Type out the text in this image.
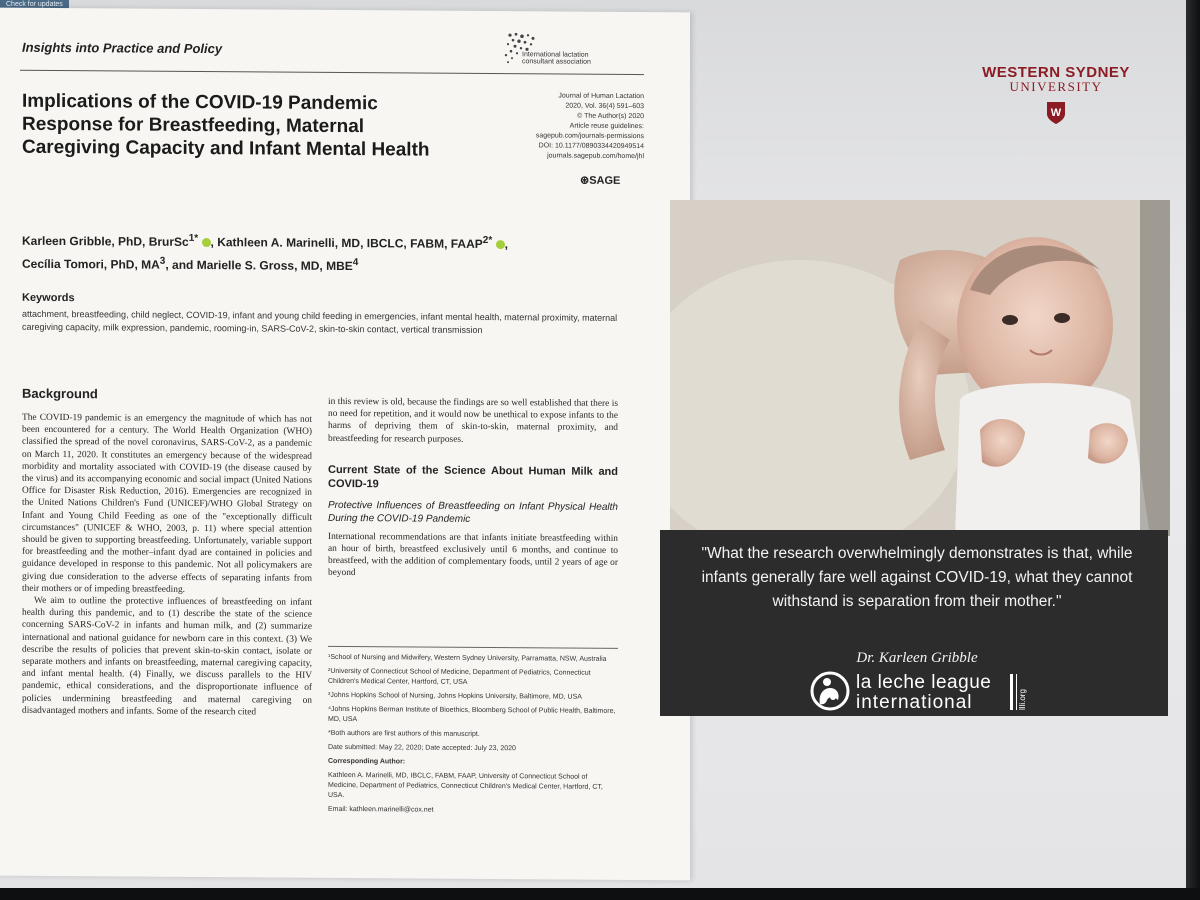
Check for updates
Insights into Practice and Policy	International lactation consultant association
Implications of the COVID-19 Pandemic Response for Breastfeeding, Maternal Caregiving Capacity and Infant Mental Health
Journal of Human Lactation
2020, Vol. 36(4) 591–603
© The Author(s) 2020
Article reuse guidelines:
sagepub.com/journals-permissions
DOI: 10.1177/0890334420949514
journals.sagepub.com/home/jhl
⊛SAGE
Karleen Gribble, PhD, BrurSc$^{1*}$ , Kathleen A. Marinelli, MD, IBCLC, FABM, $FAAP^{2*}$ ,
Cecília Tomori, PhD, $MA^3$, and Marielle S. Gross, MD, MBE$^4$
Keywords
attachment, breastfeeding, child neglect, COVID-19, infant and young child feeding in emergencies, infant mental health, maternal proximity, maternal caregiving capacity, milk expression, pandemic, rooming-in, SARS-CoV-2, skin-to-skin contact, vertical transmission
Background

The COVID-19 pandemic is an emergency the magnitude of which has not been encountered for a century. The World Health Organization (WHO) classified the spread of the novel coronavirus, SARS-CoV-2, as a pandemic on March 11, 2020. It constitutes an emergency because of the widespread morbidity and mortality associated with COVID-19 (the disease caused by the virus) and its accompanying economic and social impact (United Nations Office for Disaster Risk Reduction, 2016). Emergencies are recognized in the United Nations Children's Fund (UNICEF)/WHO Global Strategy on Infant and Young Child Feeding as one of the "exceptionally difficult circumstances" (UNICEF & WHO, 2003, p. 11) where special attention should be given to supporting breastfeeding. Unfortunately, variable support for breastfeeding and the mother–infant dyad are contained in policies and guidance developed in response to this pandemic. Not all policymakers are giving due consideration to the adverse effects of separating infants from their mothers or of impeding breastfeeding.

We aim to outline the protective influences of breastfeeding on infant health during this pandemic, and to (1) describe the state of the science concerning SARS-CoV-2 in infants and human milk, and (2) summarize international and national guidance for newborn care in this context. (3) We describe the results of policies that prevent skin-to-skin contact, isolate or separate mothers and infants on breastfeeding, maternal caregiving capacity, and infant mental health. (4) Finally, we discuss parallels to the HIV pandemic, ethical considerations, and the disproportionate influence of policies undermining breastfeeding and maternal caregiving on disadvantaged mothers and infants. Some of the research cited

in this review is old, because the findings are so well established that there is no need for repetition, and it would now be unethical to expose infants to the harms of depriving them of skin-to-skin, maternal proximity, and breastfeeding for research purposes.

Current State of the Science About Human Milk and COVID-19
Protective Influences of Breastfeeding on Infant Physical Health During the COVID-19 Pandemic

International recommendations are that infants initiate breastfeeding within an hour of birth, breastfeed exclusively until 6 months, and continue to breastfeed, with the addition of complementary foods, until 2 years of age or beyond

¹School of Nursing and Midwifery, Western Sydney University, Parramatta, NSW, Australia
²University of Connecticut School of Medicine, Department of Pediatrics, Connecticut Children's Medical Center, Hartford, CT, USA
³Johns Hopkins School of Nursing, Johns Hopkins University, Baltimore, MD, USA
⁴Johns Hopkins Berman Institute of Bioethics, Bloomberg School of Public Health, Baltimore, MD, USA
*Both authors are first authors of this manuscript.
Date submitted: May 22, 2020; Date accepted: July 23, 2020
Corresponding Author:
Kathleen A. Marinelli, MD, IBCLC, FABM, FAAP, University of Connecticut School of Medicine, Department of Pediatrics, Connecticut Children's Medical Center, Hartford, CT, USA.
Email: kathleen.marinelli@cox.net
WESTERN SYDNEY
UNIVERSITY
W
"What the research overwhelmingly demonstrates is that, while infants generally fare well against COVID-19, what they cannot withstand is separation from their mother."
Dr. Karleen Gribble
la leche league
international	llli.org
